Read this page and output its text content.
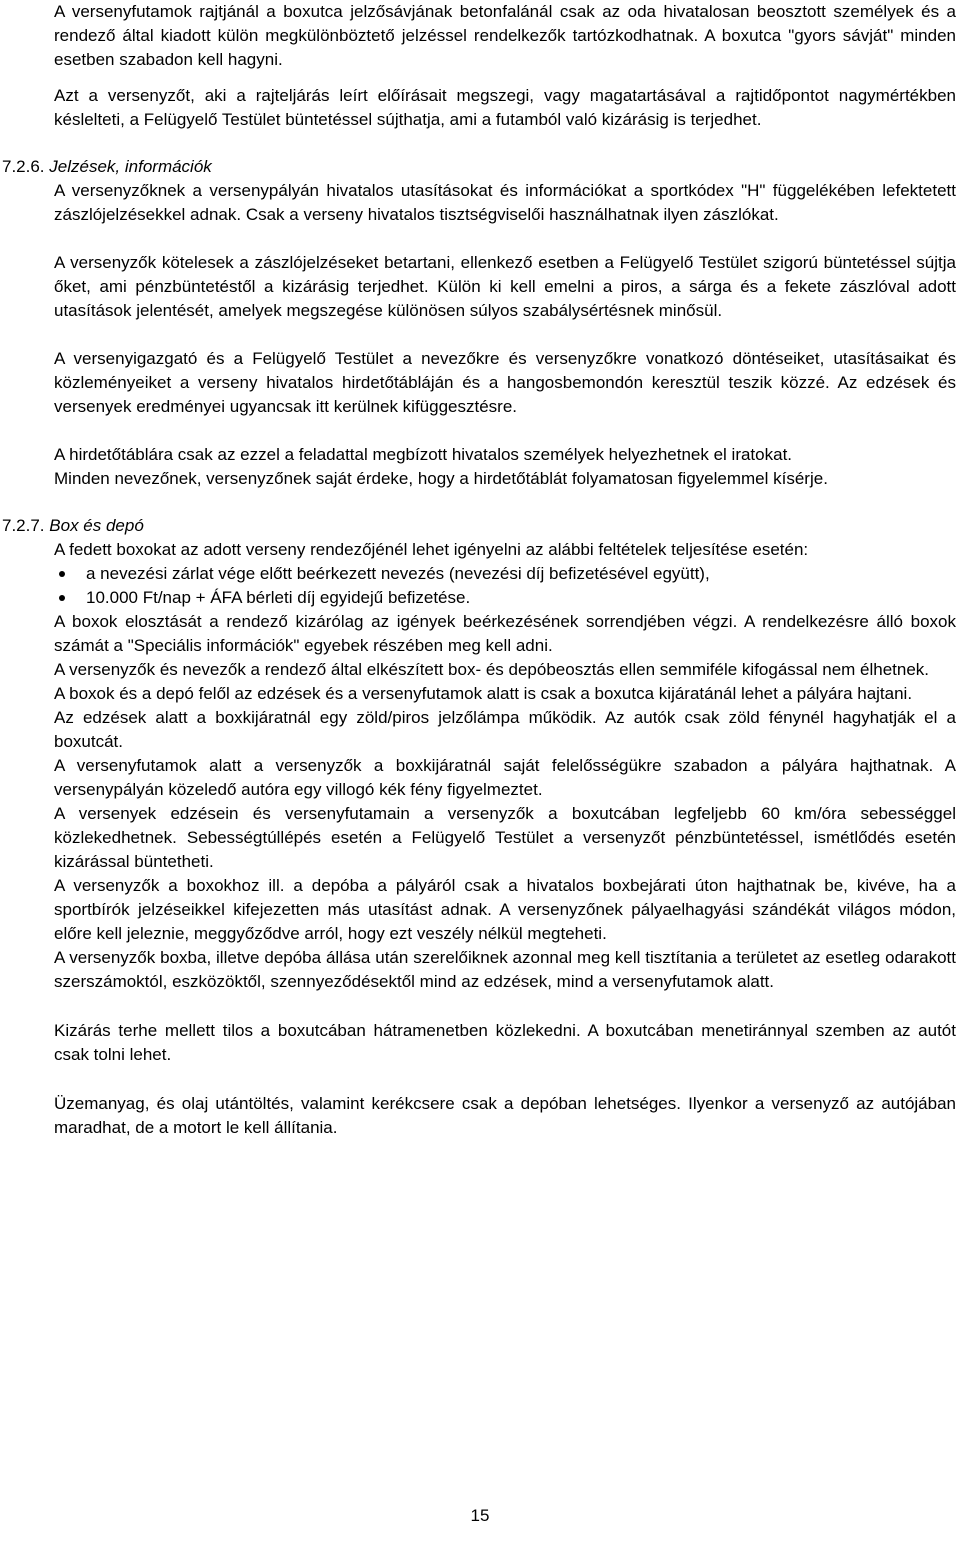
A versenyfutamok rajtjánál a boxutca jelzősávjának betonfalánál csak az oda hivatalosan beosztott személyek és a rendező által kiadott külön megkülönböztető jelzéssel rendelkezők tartózkodhatnak. A boxutca "gyors sávját" minden esetben szabadon kell hagyni.

Azt a versenyzőt, aki a rajteljárás leírt előírásait megszegi, vagy magatartásával a rajtidőpontot nagymértékben késlelteti, a Felügyelő Testület büntetéssel sújthatja, ami a futamból való kizárásig is terjedhet.

7.2.6. Jelzések, információk

A versenyzőknek a versenypályán hivatalos utasításokat és információkat a sportkódex "H" függelékében lefektetett zászlójelzésekkel adnak. Csak a verseny hivatalos tisztségviselői használhatnak ilyen zászlókat.

A versenyzők kötelesek a zászlójelzéseket betartani, ellenkező esetben a Felügyelő Testület szigorú büntetéssel sújtja őket, ami pénzbüntetéstől a kizárásig terjedhet. Külön ki kell emelni a piros, a sárga és a fekete zászlóval adott utasítások jelentését, amelyek megszegése különösen súlyos szabálysértésnek minősül.

A versenyigazgató és a Felügyelő Testület a nevezőkre és versenyzőkre vonatkozó döntéseiket, utasításaikat és közleményeiket a verseny hivatalos hirdetőtábláján és a hangosbemondón keresztül teszik közzé. Az edzések és versenyek eredményei ugyancsak itt kerülnek kifüggesztésre.

A hirdetőtáblára csak az ezzel a feladattal megbízott hivatalos személyek helyezhetnek el iratokat.

Minden nevezőnek, versenyzőnek saját érdeke, hogy a hirdetőtáblát folyamatosan figyelemmel kísérje.

7.2.7. Box és depó

A fedett boxokat az adott verseny rendezőjénél lehet igényelni az alábbi feltételek teljesítése esetén:

a nevezési zárlat vége előtt beérkezett nevezés (nevezési díj befizetésével együtt),
10.000 Ft/nap + ÁFA bérleti díj egyidejű befizetése.

A boxok elosztását a rendező kizárólag az igények beérkezésének sorrendjében végzi. A rendelkezésre álló boxok számát a "Speciális információk" egyebek részében meg kell adni.

A versenyzők és nevezők a rendező által elkészített box- és depóbeosztás ellen semmiféle kifogással nem élhetnek.

A boxok és a depó felől az edzések és a versenyfutamok alatt is csak a boxutca kijáratánál lehet a pályára hajtani.

Az edzések alatt a boxkijáratnál egy zöld/piros jelzőlámpa működik. Az autók csak zöld fénynél hagyhatják el a boxutcát.

A versenyfutamok alatt a versenyzők a boxkijáratnál saját felelősségükre szabadon a pályára hajthatnak. A versenypályán közeledő autóra egy villogó kék fény figyelmeztet.

A versenyek edzésein és versenyfutamain a versenyzők a boxutcában legfeljebb 60 km/óra sebességgel közlekedhetnek. Sebességtúllépés esetén a Felügyelő Testület a versenyzőt pénzbüntetéssel, ismétlődés esetén kizárással büntetheti.

A versenyzők a boxokhoz ill. a depóba a pályáról csak a hivatalos boxbejárati úton hajthatnak be, kivéve, ha a sportbírók jelzéseikkel kifejezetten más utasítást adnak. A versenyzőnek pályaelhagyási szándékát világos módon, előre kell jeleznie, meggyőződve arról, hogy ezt veszély nélkül megteheti.

A versenyzők boxba, illetve depóba állása után szerelőiknek azonnal meg kell tisztítania a területet az esetleg odarakott szerszámoktól, eszközöktől, szennyeződésektől mind az edzések, mind a versenyfutamok alatt.

Kizárás terhe mellett tilos a boxutcában hátramenetben közlekedni. A boxutcában menetiránnyal szemben az autót csak tolni lehet.

Üzemanyag, és olaj utántöltés, valamint kerékcsere csak a depóban lehetséges. Ilyenkor a versenyző az autójában maradhat, de a motort le kell állítania.

15
